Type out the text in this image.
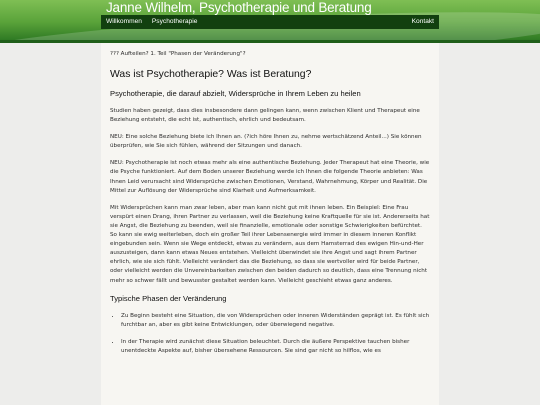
Janne Wilhelm, Psychotherapie und Beratung
Willkommen	Psychotherapie	Kontakt
??? Aufteilen? 1. Teil "Phasen der Veränderung"?
Was ist Psychotherapie? Was ist Beratung?
Psychotherapie, die darauf abzielt, Widersprüche in Ihrem Leben zu heilen

Studien haben gezeigt, dass dies insbesondere dann gelingen kann, wenn zwischen Klient und Therapeut eine Beziehung entsteht, die echt ist, authentisch, ehrlich und bedeutsam.

NEU: Eine solche Beziehung biete ich Ihnen an. (?ich höre Ihnen zu, nehme wertschätzend Anteil...) Sie können überprüfen, wie Sie sich fühlen, während der Sitzungen und danach.

NEU: Psychotherapie ist noch etwas mehr als eine authentische Beziehung. Jeder Therapeut hat eine Theorie, wie die Psyche funktioniert. Auf dem Boden unserer Beziehung werde ich Ihnen die folgende Theorie anbieten: Was Ihnen Leid verursacht sind Widersprüche zwischen Emotionen, Verstand, Wahrnehmung, Körper und Realität. Die Mittel zur Auflösung der Widersprüche sind Klarheit und Aufmerksamkeit.

Mit Widersprüchen kann man zwar leben, aber man kann nicht gut mit ihnen leben. Ein Beispiel: Eine Frau verspürt einen Drang, ihren Partner zu verlassen, weil die Beziehung keine Kraftquelle für sie ist. Andererseits hat sie Angst, die Beziehung zu beenden, weil sie finanzielle, emotionale oder sonstige Schwierigkeiten befürchtet. So kann sie ewig weiterleben, doch ein großer Teil ihrer Lebensenergie wird immer in diesem inneren Konflikt eingebunden sein. Wenn sie Wege entdeckt, etwas zu verändern, aus dem Hamsterrad des ewigen Hin-und-Her auszusteigen, dann kann etwas Neues entstehen. Vielleicht überwindet sie ihre Angst und sagt ihrem Partner ehrlich, wie sie sich fühlt. Vielleicht verändert das die Beziehung, so dass sie wertvoller wird für beide Partner, oder vielleicht werden die Unvereinbarkeiten zwischen den beiden dadurch so deutlich, dass eine Trennung nicht mehr so schwer fällt und bewusster gestaltet werden kann. Vielleicht geschieht etwas ganz anderes.

Typische Phasen der Veränderung
• Zu Beginn besteht eine Situation, die von Widersprüchen oder inneren Widerständen geprägt ist. Es fühlt sich furchtbar an, aber es gibt keine Entwicklungen, oder überwiegend negative.
• In der Therapie wird zunächst diese Situation beleuchtet. Durch die äußere Perspektive tauchen bisher unentdeckte Aspekte auf, bisher übersehene Ressourcen. Sie sind gar nicht so hilflos, wie es
